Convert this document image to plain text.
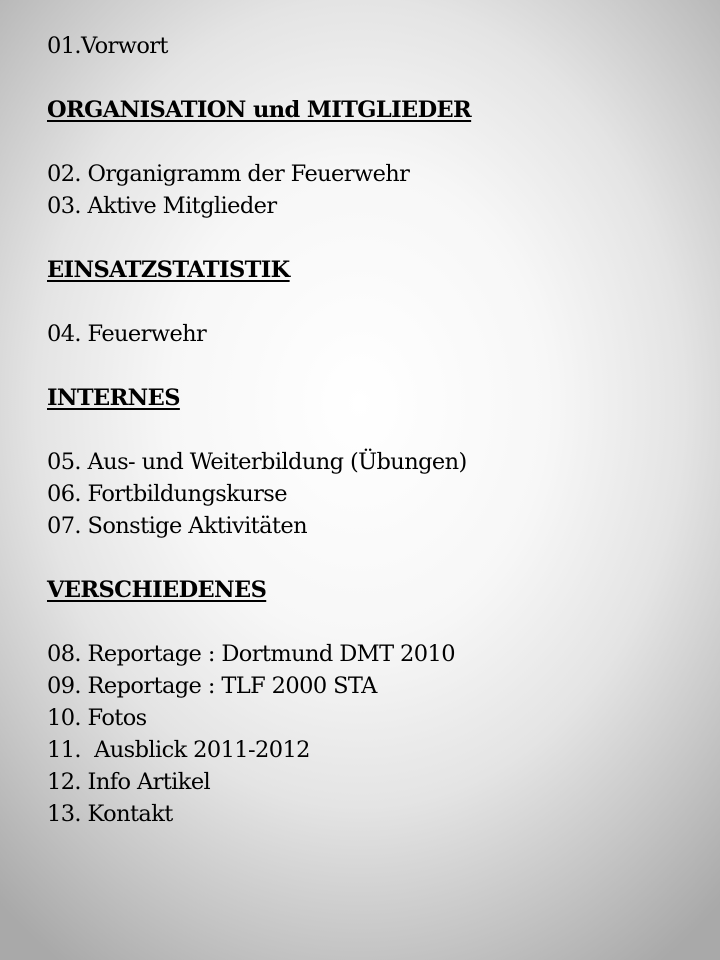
01.Vorwort
ORGANISATION und MITGLIEDER
02. Organigramm der Feuerwehr
03. Aktive Mitglieder
EINSATZSTATISTIK
04. Feuerwehr
INTERNES
05. Aus- und Weiterbildung (Übungen)
06. Fortbildungskurse
07. Sonstige Aktivitäten
VERSCHIEDENES
08. Reportage : Dortmund DMT 2010
09. Reportage : TLF 2000 STA
10. Fotos
11.  Ausblick 2011-2012
12. Info Artikel
13. Kontakt
